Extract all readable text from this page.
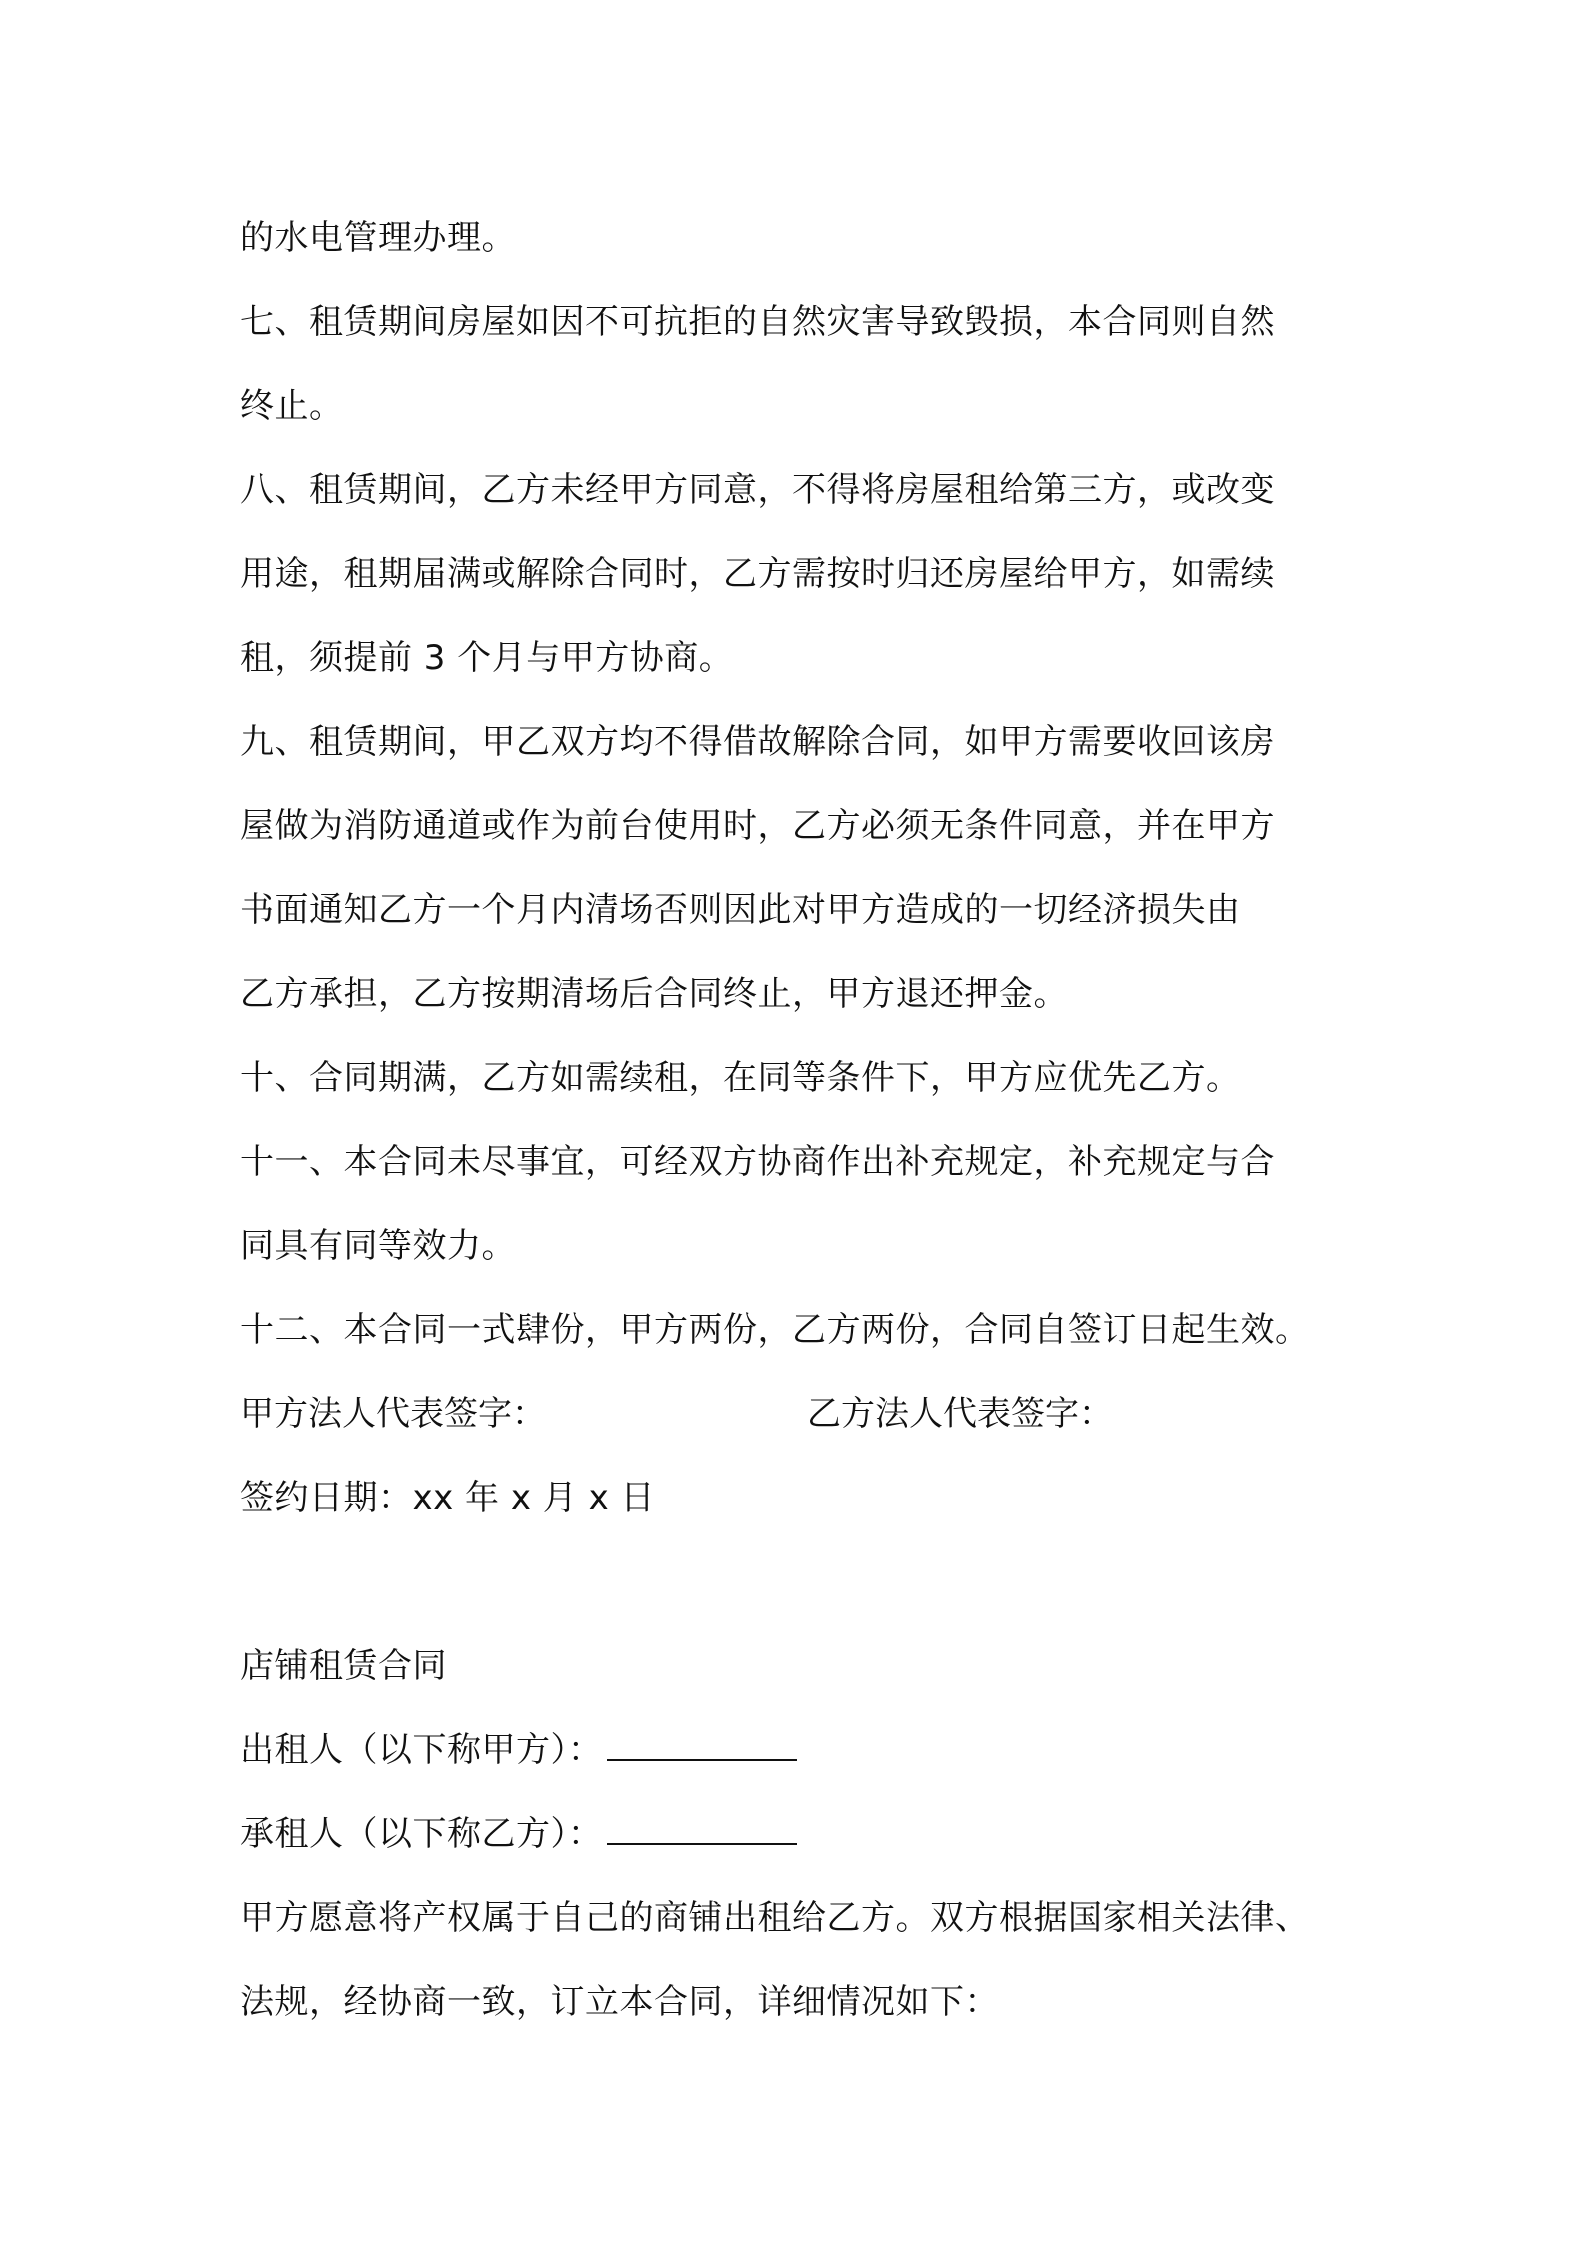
的水电管理办理。
七、租赁期间房屋如因不可抗拒的自然灾害导致毁损，本合同则自然
终止。
八、租赁期间，乙方未经甲方同意，不得将房屋租给第三方，或改变
用途，租期届满或解除合同时，乙方需按时归还房屋给甲方，如需续
租，须提前 3 个月与甲方协商。
九、租赁期间，甲乙双方均不得借故解除合同，如甲方需要收回该房
屋做为消防通道或作为前台使用时，乙方必须无条件同意，并在甲方
书面通知乙方一个月内清场否则因此对甲方造成的一切经济损失由
乙方承担，乙方按期清场后合同终止，甲方退还押金。
十、合同期满，乙方如需续租，在同等条件下，甲方应优先乙方。
十一、本合同未尽事宜，可经双方协商作出补充规定，补充规定与合
同具有同等效力。
十二、本合同一式肆份，甲方两份，乙方两份，合同自签订日起生效。
甲方法人代表签字：	乙方法人代表签字：
签约日期：xx 年 x 月 x 日
店铺租赁合同
出租人（以下称甲方）：
承租人（以下称乙方）：
甲方愿意将产权属于自己的商铺出租给乙方。双方根据国家相关法律、
法规，经协商一致，订立本合同，详细情况如下：
